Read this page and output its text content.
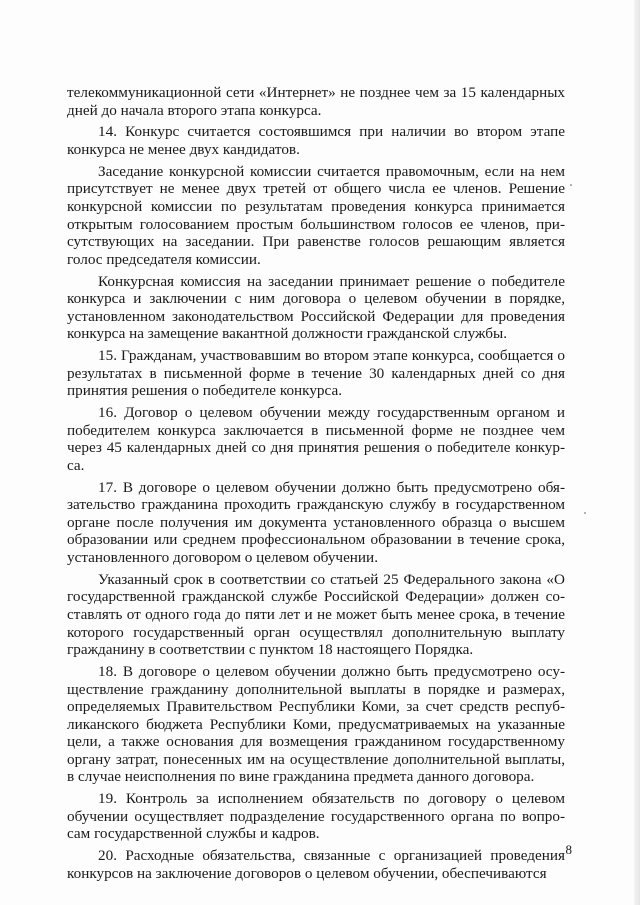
телекоммуникационной сети «Интернет» не позднее чем за 15 календарных дней до начала второго этапа конкурса.

14. Конкурс считается состоявшимся при наличии во втором этапе конкурса не менее двух кандидатов.

Заседание конкурсной комиссии считается правомочным, если на нем присутствует не менее двух третей от общего числа ее членов. Решение конкурсной комиссии по результатам проведения конкурса принимается открытым голосованием простым большинством голосов ее членов, присутствующих на заседании. При равенстве голосов решающим является голос председателя комиссии.

Конкурсная комиссия на заседании принимает решение о победителе конкурса и заключении с ним договора о целевом обучении в порядке, установленном законодательством Российской Федерации для проведения конкурса на замещение вакантной должности гражданской службы.

15. Гражданам, участвовавшим во втором этапе конкурса, сообщается о результатах в письменной форме в течение 30 календарных дней со дня принятия решения о победителе конкурса.

16. Договор о целевом обучении между государственным органом и победителем конкурса заключается в письменной форме не позднее чем через 45 календарных дней со дня принятия решения о победителе конкурса.

17. В договоре о целевом обучении должно быть предусмотрено обязательство гражданина проходить гражданскую службу в государственном органе после получения им документа установленного образца о высшем образовании или среднем профессиональном образовании в течение срока, установленного договором о целевом обучении.

Указанный срок в соответствии со статьей 25 Федерального закона «О государственной гражданской службе Российской Федерации» должен составлять от одного года до пяти лет и не может быть менее срока, в течение которого государственный орган осуществлял дополнительную выплату гражданину в соответствии с пунктом 18 настоящего Порядка.

18. В договоре о целевом обучении должно быть предусмотрено осуществление гражданину дополнительной выплаты в порядке и размерах, определяемых Правительством Республики Коми, за счет средств республиканского бюджета Республики Коми, предусматриваемых на указанные цели, а также основания для возмещения гражданином государственному органу затрат, понесенных им на осуществление дополнительной выплаты, в случае неисполнения по вине гражданина предмета данного договора.

19. Контроль за исполнением обязательств по договору о целевом обучении осуществляет подразделение государственного органа по вопросам государственной службы и кадров.

20. Расходные обязательства, связанные с организацией проведения конкурсов на заключение договоров о целевом обучении, обеспечиваются

8
